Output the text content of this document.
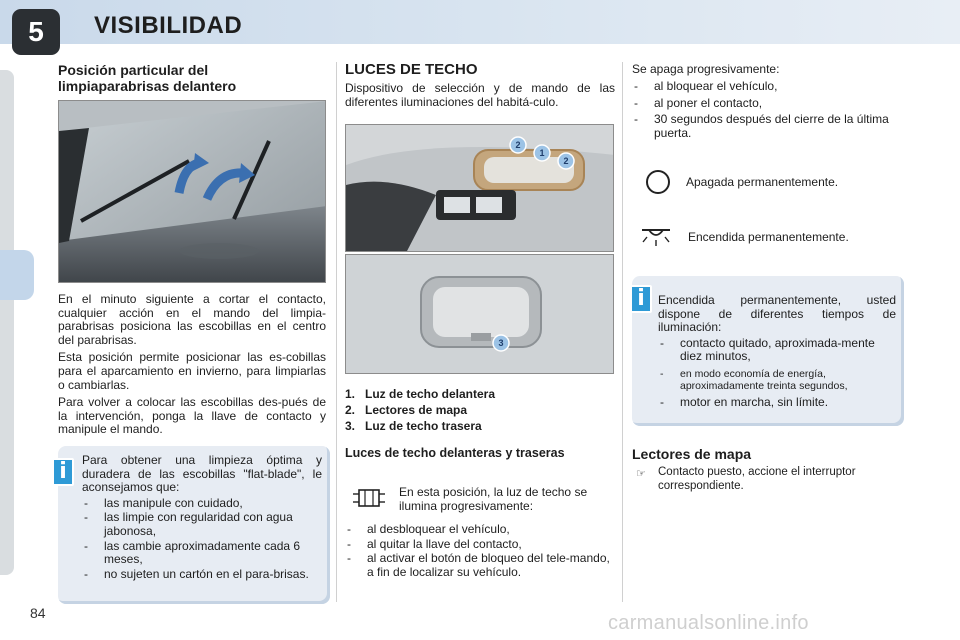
5	VISIBILIDAD
Posición particular del limpiaparabrisas delantero

En el minuto siguiente a cortar el contacto, cualquier acción en el mando del limpia-parabrisas posiciona las escobillas en el centro del parabrisas.

Esta posición permite posicionar las es-cobillas para el aparcamiento en invierno, para limpiarlas o cambiarlas.

Para volver a colocar las escobillas des-pués de la intervención, ponga la llave de contacto y manipule el mando.

i	Para obtener una limpieza óptima y duradera de las escobillas "flat-blade", le aconsejamos que:
- las manipule con cuidado,
- las limpie con regularidad con agua jabonosa,
- las cambie aproximadamente cada 6 meses,
- no sujeten un cartón en el para-brisas.
LUCES DE TECHO
Dispositivo de selección y de mando de las diferentes iluminaciones del habitá-culo.
2
1
2
3
1. Luz de techo delantera
2. Lectores de mapa
3. Luz de techo trasera
Luces de techo delanteras y traseras
En esta posición, la luz de techo se ilumina progresivamente:
- al desbloquear el vehículo,
- al quitar la llave del contacto,
- al activar el botón de bloqueo del tele-mando, a fin de localizar su vehículo.
Se apaga progresivamente:
- al bloquear el vehículo,
- al poner el contacto,
- 30 segundos después del cierre de la última puerta.
Apagada permanentemente.
Encendida permanentemente.
i	Encendida permanentemente, usted dispone de diferentes tiempos de iluminación:
- contacto quitado, aproximada-mente diez minutos,
- en modo economía de energía, aproximadamente treinta segundos,
- motor en marcha, sin límite.
Lectores de mapa
☞ Contacto puesto, accione el interruptor correspondiente.
84	carmanualsonline.info
